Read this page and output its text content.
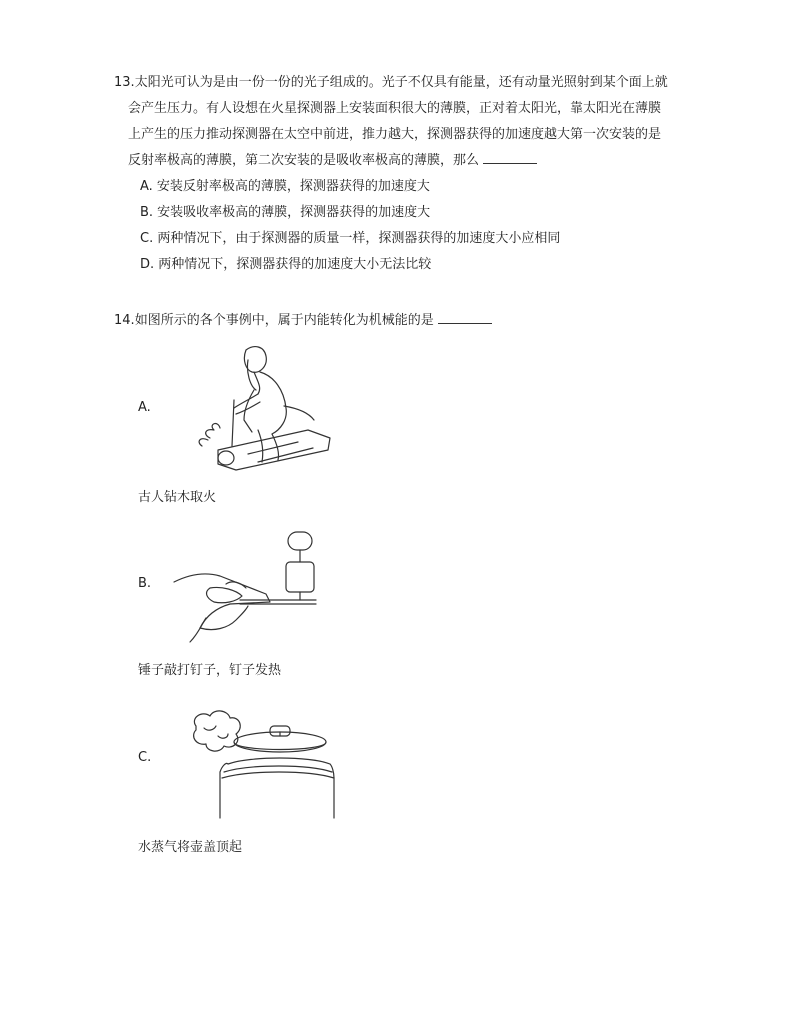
13.太阳光可认为是由一份一份的光子组成的。光子不仅具有能量，还有动量光照射到某个面上就
会产生压力。有人设想在火星探测器上安装面积很大的薄膜，正对着太阳光，靠太阳光在薄膜
上产生的压力推动探测器在太空中前进，推力越大，探测器获得的加速度越大第一次安装的是
反射率极高的薄膜，第二次安装的是吸收率极高的薄膜，那么
A. 安装反射率极高的薄膜，探测器获得的加速度大
B. 安装吸收率极高的薄膜，探测器获得的加速度大
C. 两种情况下，由于探测器的质量一样，探测器获得的加速度大小应相同
D. 两种情况下，探测器获得的加速度大小无法比较
14.如图所示的各个事例中，属于内能转化为机械能的是
A.
古人钻木取火
B.
锤子敲打钉子，钉子发热
C.
水蒸气将壶盖顶起
